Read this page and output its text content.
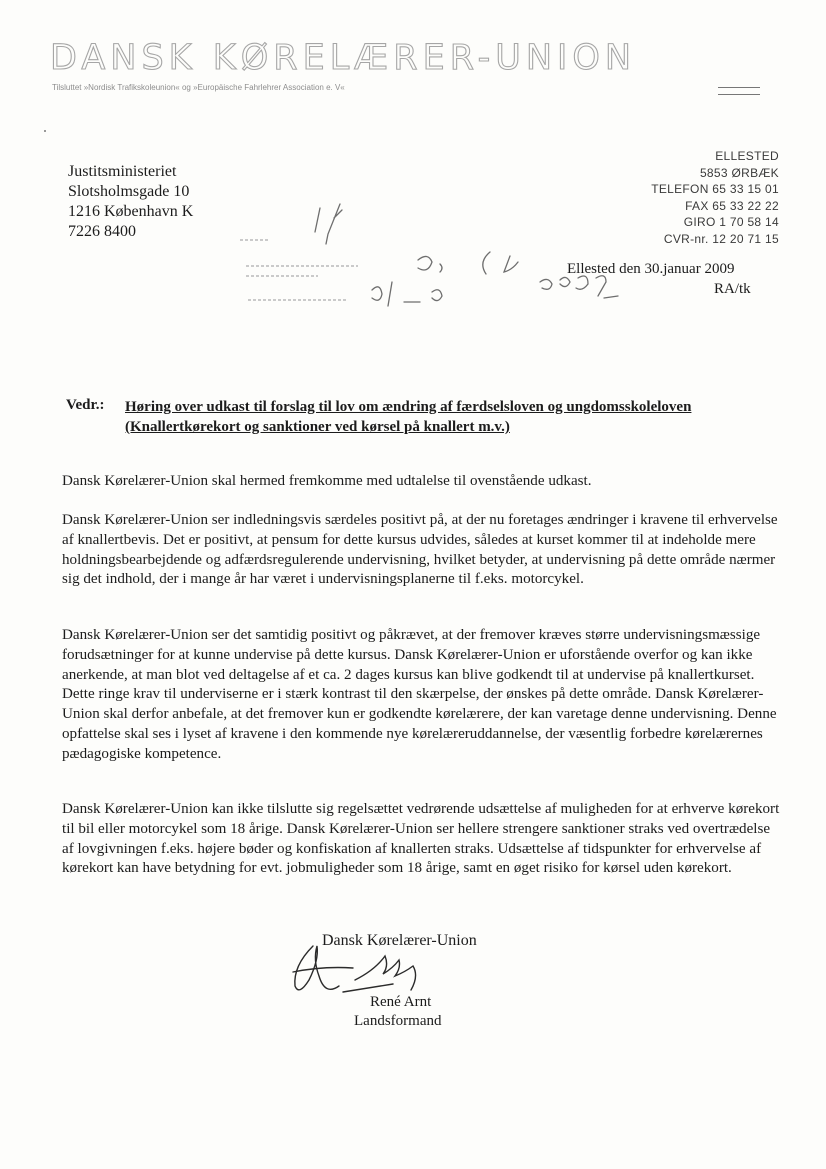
DANSK KØRELÆRER-UNION
Tilsluttet »Nordisk Trafikskoleunion« og »Europäische Fahrlehrer Association e. V«
Justitsministeriet
Slotsholmsgade 10
1216 København K
7226 8400
ELLESTED
5853 ØRBÆK
TELEFON 65 33 15 01
FAX 65 33 22 22
GIRO 1 70 58 14
CVR-nr. 12 20 71 15
Ellested den 30.januar 2009
RA/tk
Vedr.: Høring over udkast til forslag til lov om ændring af færdselsloven og ungdomsskoleloven (Knallertkørekort og sanktioner ved kørsel på knallert m.v.)
Dansk Kørelærer-Union skal hermed fremkomme med udtalelse til ovenstående udkast.
Dansk Kørelærer-Union ser indledningsvis særdeles positivt på, at der nu foretages ændringer i kravene til erhvervelse af knallertbevis. Det er positivt, at pensum for dette kursus udvides, således at kurset kommer til at indeholde mere holdningsbearbejdende og adfærdsregulerende undervisning, hvilket betyder, at undervisning på dette område nærmer sig det indhold, der i mange år har været i undervisningsplanerne til f.eks. motorcykel.
Dansk Kørelærer-Union ser det samtidig positivt og påkrævet, at der fremover kræves større undervisningsmæssige forudsætninger for at kunne undervise på dette kursus. Dansk Kørelærer-Union er uforstående overfor og kan ikke anerkende, at man blot ved deltagelse af et ca. 2 dages kursus kan blive godkendt til at undervise på knallertkurset. Dette ringe krav til underviserne er i stærk kontrast til den skærpelse, der ønskes på dette område. Dansk Kørelærer-Union skal derfor anbefale, at det fremover kun er godkendte kørelærere, der kan varetage denne undervisning. Denne opfattelse skal ses i lyset af kravene i den kommende nye kørelæreruddannelse, der væsentlig forbedre kørelærernes pædagogiske kompetence.
Dansk Kørelærer-Union kan ikke tilslutte sig regelsættet vedrørende udsættelse af muligheden for at erhverve kørekort til bil eller motorcykel som 18 årige. Dansk Kørelærer-Union ser hellere strengere sanktioner straks ved overtrædelse af lovgivningen f.eks. højere bøder og konfiskation af knallerten straks. Udsættelse af tidspunkter for erhvervelse af kørekort kan have betydning for evt. jobmuligheder som 18 årige, samt en øget risiko for kørsel uden kørekort.
Dansk Kørelærer-Union
René Arnt
Landsformand
